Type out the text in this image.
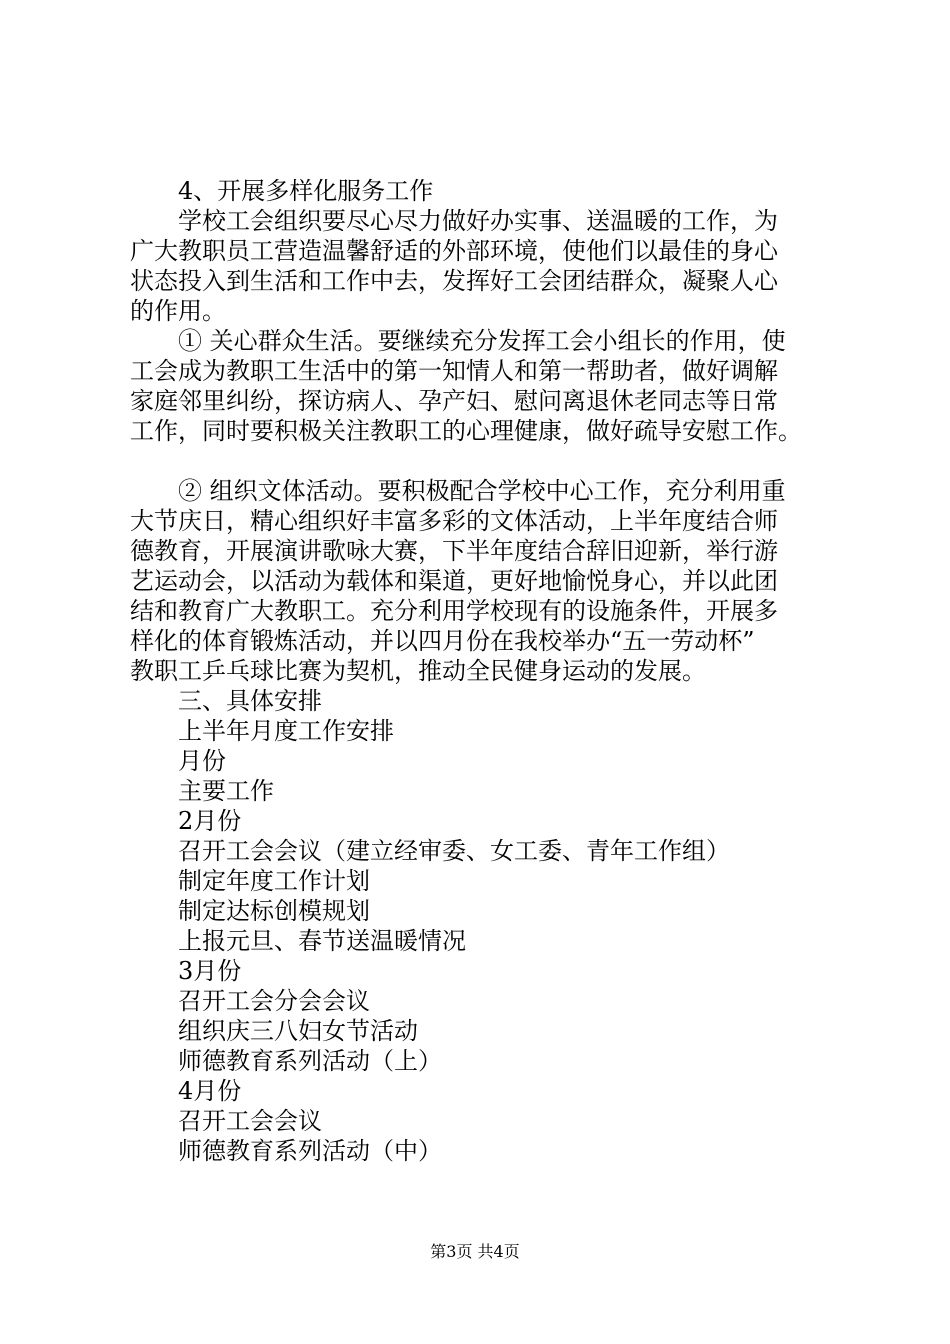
4、开展多样化服务工作
学校工会组织要尽心尽力做好办实事、送温暖的工作，为
广大教职员工营造温馨舒适的外部环境，使他们以最佳的身心
状态投入到生活和工作中去，发挥好工会团结群众，凝聚人心
的作用。
① 关心群众生活。要继续充分发挥工会小组长的作用，使
工会成为教职工生活中的第一知情人和第一帮助者，做好调解
家庭邻里纠纷，探访病人、孕产妇、慰问离退休老同志等日常
工作，同时要积极关注教职工的心理健康，做好疏导安慰工作。
② 组织文体活动。要积极配合学校中心工作，充分利用重
大节庆日，精心组织好丰富多彩的文体活动，上半年度结合师
德教育，开展演讲歌咏大赛，下半年度结合辞旧迎新，举行游
艺运动会，以活动为载体和渠道，更好地愉悦身心，并以此团
结和教育广大教职工。充分利用学校现有的设施条件，开展多
样化的体育锻炼活动，并以四月份在我校举办“五一劳动杯”
教职工乒乓球比赛为契机，推动全民健身运动的发展。
三、具体安排
上半年月度工作安排
月份
主要工作
2月份
召开工会会议（建立经审委、女工委、青年工作组）
制定年度工作计划
制定达标创模规划
上报元旦、春节送温暖情况
3月份
召开工会分会会议
组织庆三八妇女节活动
师德教育系列活动（上）
4月份
召开工会会议
师德教育系列活动（中）
第3页 共4页
